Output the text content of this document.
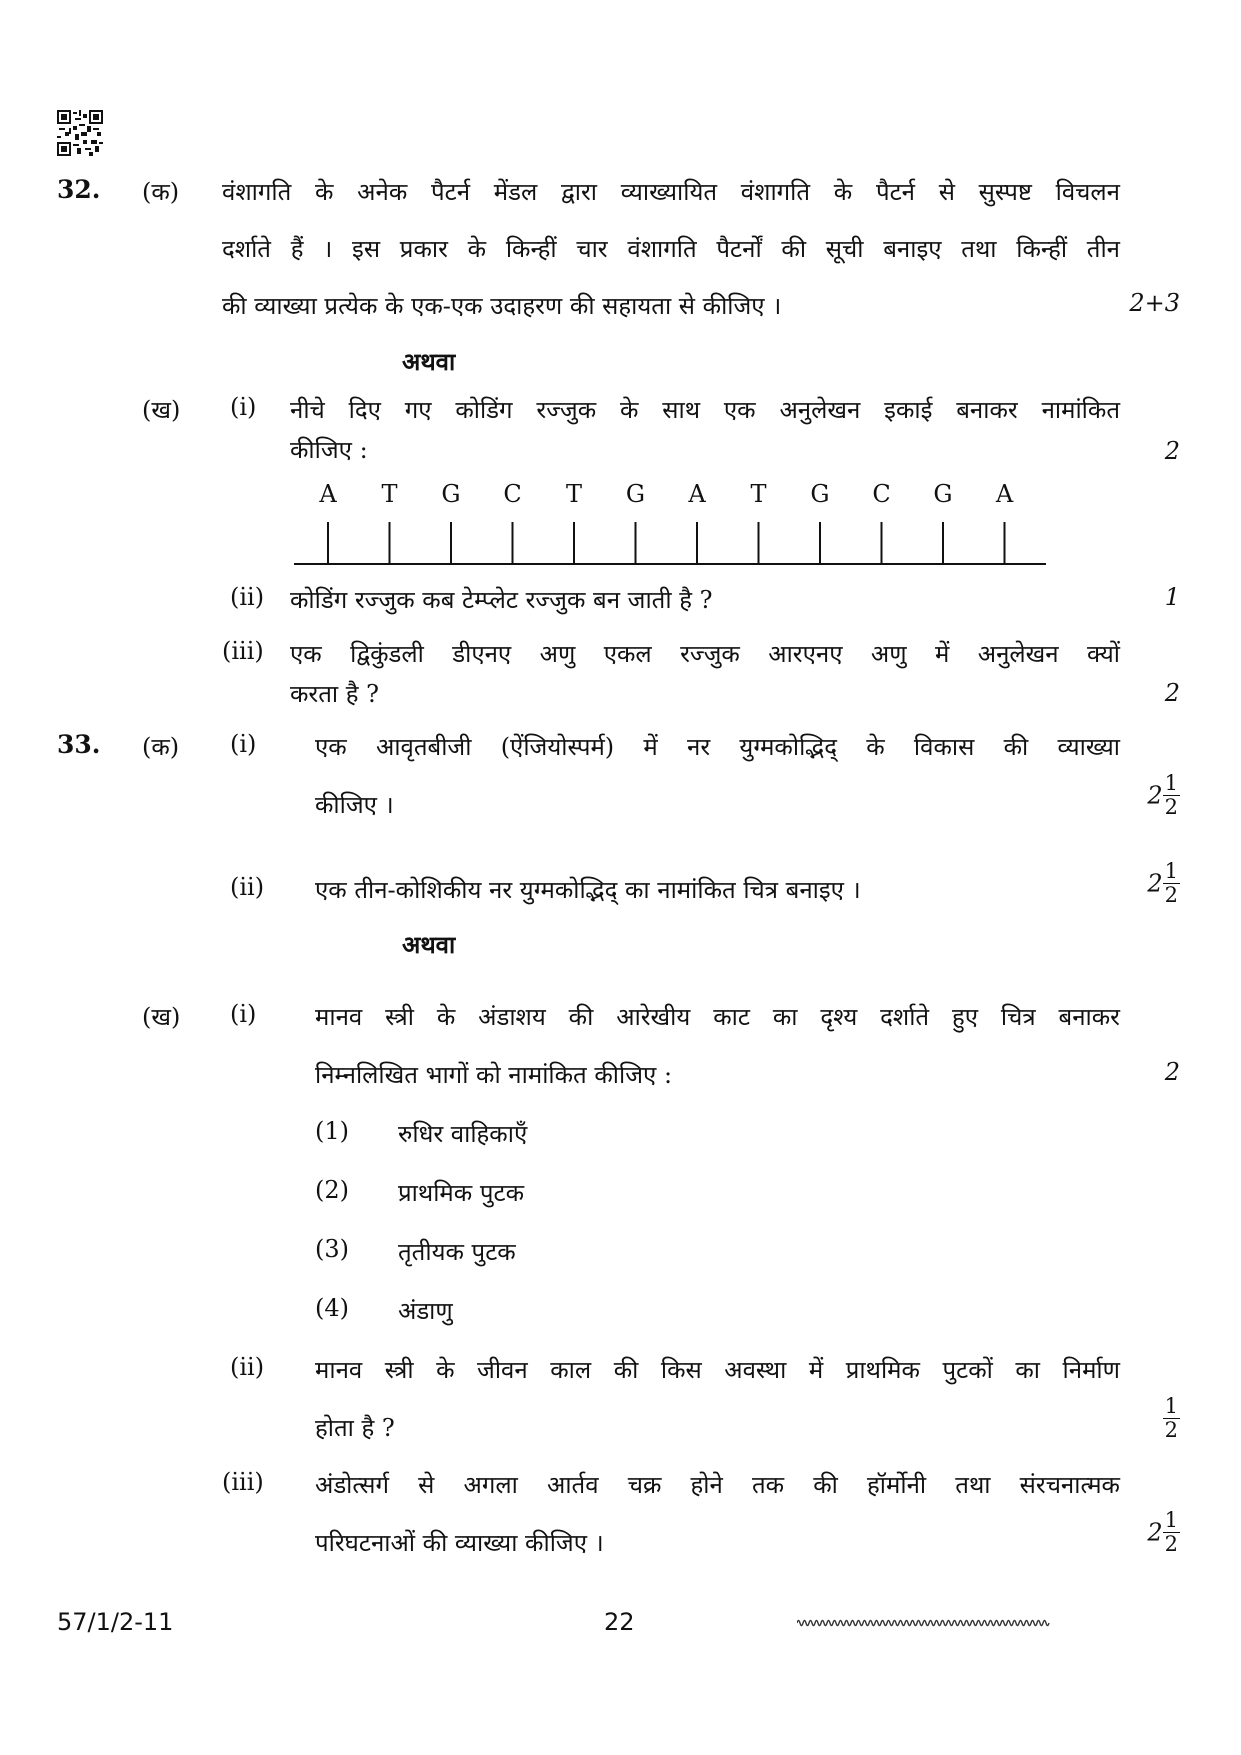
32. (क) वंशागति के अनेक पैटर्न मेंडल द्वारा व्याख्यायित वंशागति के पैटर्न से सुस्पष्ट विचलन
दर्शाते हैं । इस प्रकार के किन्हीं चार वंशागति पैटर्नों की सूची बनाइए तथा किन्हीं तीन
की व्याख्या प्रत्येक के एक-एक उदाहरण की सहायता से कीजिए ।	2+3
अथवा
(ख) (i) नीचे दिए गए कोडिंग रज्जुक के साथ एक अनुलेखन इकाई बनाकर नामांकित
कीजिए :	2
A T G C T G A T G C G A
(ii) कोडिंग रज्जुक कब टेम्प्लेट रज्जुक बन जाती है ?	1
(iii) एक द्विकुंडली डीएनए अणु एकल रज्जुक आरएनए अणु में अनुलेखन क्यों
करता है ?	2
33. (क) (i) एक आवृतबीजी (ऐंजियोस्पर्म) में नर युग्मकोद्भिद् के विकास की व्याख्या
कीजिए ।	$2 \frac{1}{2}$
(ii) एक तीन-कोशिकीय नर युग्मकोद्भिद् का नामांकित चित्र बनाइए ।	$2 \frac{1}{2}$
अथवा
(ख) (i) मानव स्त्री के अंडाशय की आरेखीय काट का दृश्य दर्शाते हुए चित्र बनाकर
निम्नलिखित भागों को नामांकित कीजिए :	2
(1) रुधिर वाहिकाएँ
(2) प्राथमिक पुटक
(3) तृतीयक पुटक
(4) अंडाणु
(ii) मानव स्त्री के जीवन काल की किस अवस्था में प्राथमिक पुटकों का निर्माण
होता है ?	$\frac{1}{2}$
(iii) अंडोत्सर्ग से अगला आर्तव चक्र होने तक की हॉर्मोनी तथा संरचनात्मक
परिघटनाओं की व्याख्या कीजिए ।	$2 \frac{1}{2}$
57/1/2-11	22
